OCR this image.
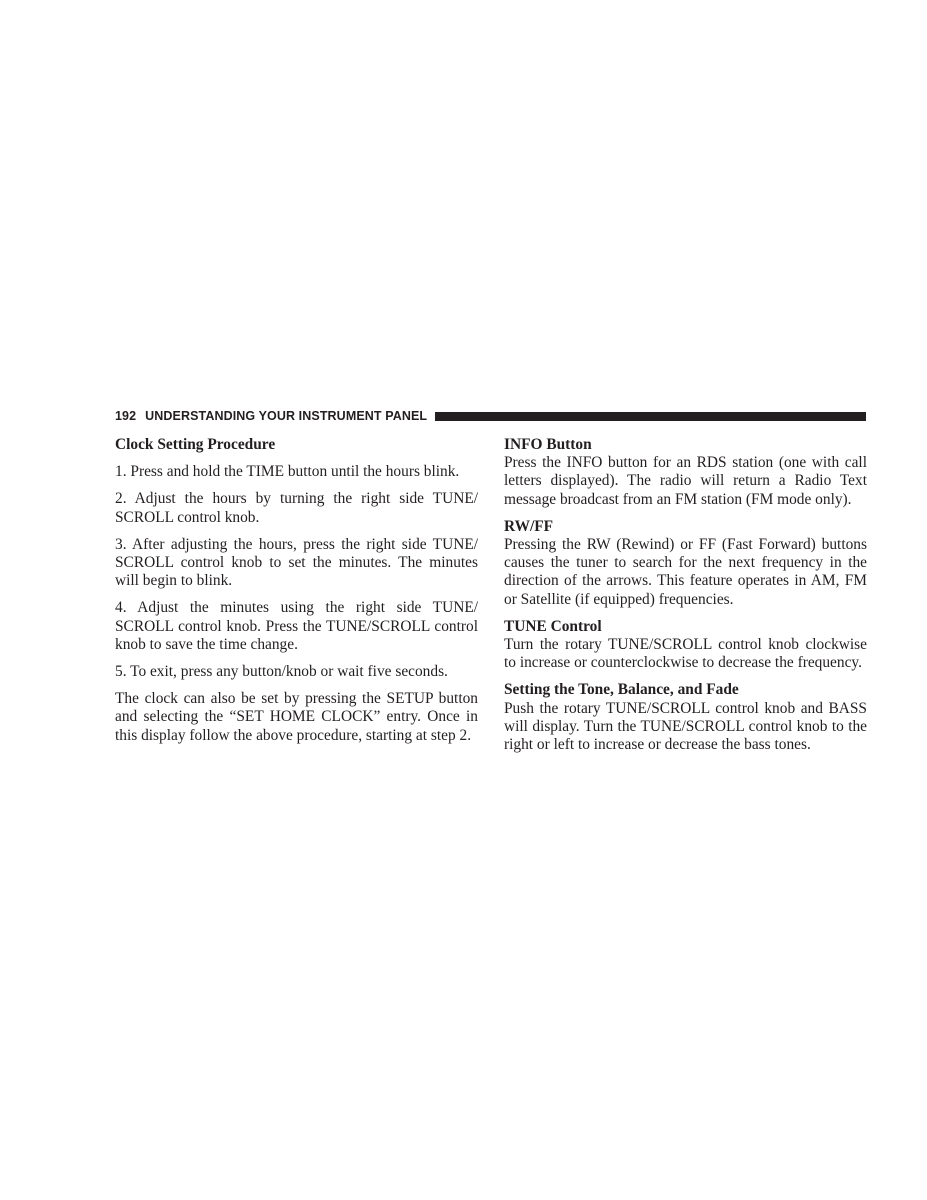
192 UNDERSTANDING YOUR INSTRUMENT PANEL
Clock Setting Procedure

1. Press and hold the TIME button until the hours blink.

2. Adjust the hours by turning the right side TUNE/ SCROLL control knob.

3. After adjusting the hours, press the right side TUNE/ SCROLL control knob to set the minutes. The minutes will begin to blink.

4. Adjust the minutes using the right side TUNE/ SCROLL control knob. Press the TUNE/SCROLL control knob to save the time change.

5. To exit, press any button/knob or wait five seconds.

The clock can also be set by pressing the SETUP button and selecting the “SET HOME CLOCK” entry. Once in this display follow the above procedure, starting at step 2.

INFO Button

Press the INFO button for an RDS station (one with call letters displayed). The radio will return a Radio Text message broadcast from an FM station (FM mode only).

RW/FF

Pressing the RW (Rewind) or FF (Fast Forward) buttons causes the tuner to search for the next frequency in the direction of the arrows. This feature operates in AM, FM or Satellite (if equipped) frequencies.

TUNE Control

Turn the rotary TUNE/SCROLL control knob clockwise to increase or counterclockwise to decrease the frequency.

Setting the Tone, Balance, and Fade

Push the rotary TUNE/SCROLL control knob and BASS will display. Turn the TUNE/SCROLL control knob to the right or left to increase or decrease the bass tones.
